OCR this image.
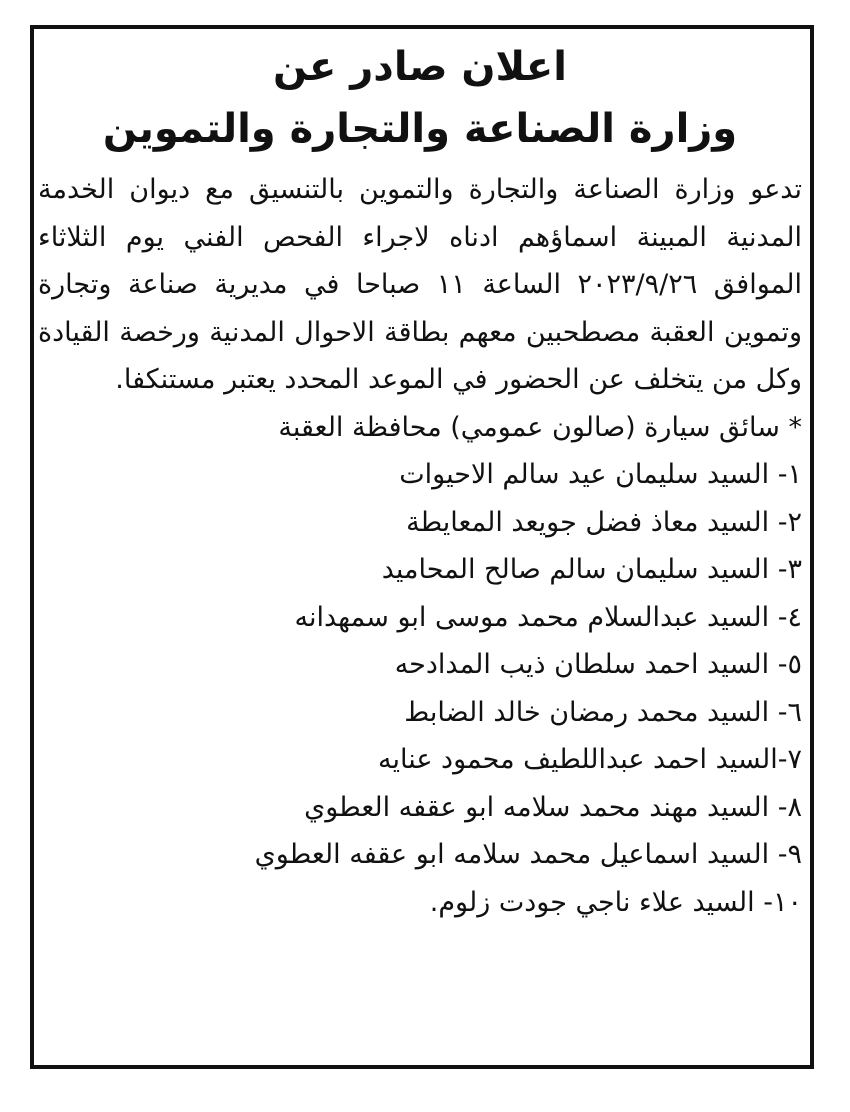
اعلان صادر عن
وزارة الصناعة والتجارة والتموين

تدعو وزارة الصناعة والتجارة والتموين بالتنسيق مع ديوان الخدمة المدنية المبينة اسماؤهم ادناه لاجراء الفحص الفني يوم الثلاثاء الموافق ٢٠٢٣/٩/٢٦ الساعة ١١ صباحا في مديرية صناعة وتجارة وتموين العقبة مصطحبين معهم بطاقة الاحوال المدنية ورخصة القيادة وكل من يتخلف عن الحضور في الموعد المحدد يعتبر مستنكفا.

* سائق سيارة (صالون عمومي) محافظة العقبة

١- السيد سليمان عيد سالم الاحيوات
٢- السيد معاذ فضل جويعد المعايطة
٣- السيد سليمان سالم صالح المحاميد
٤- السيد عبدالسلام محمد موسى ابو سمهدانه
٥- السيد احمد سلطان ذيب المدادحه
٦- السيد محمد رمضان خالد الضابط
٧-السيد احمد عبداللطيف محمود عنايه
٨- السيد مهند محمد سلامه ابو عقفه العطوي
٩- السيد اسماعيل محمد سلامه ابو عقفه العطوي
١٠- السيد علاء ناجي جودت زلوم.
